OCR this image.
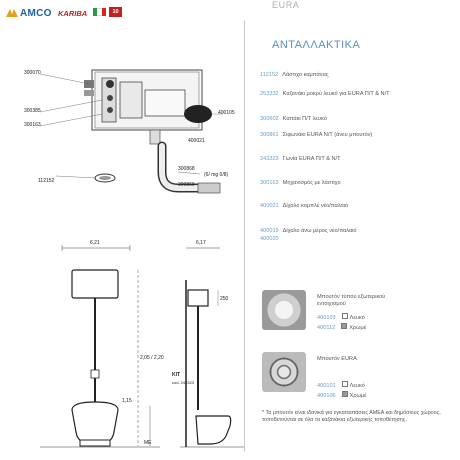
AMCO KARIBA	10
EURA
300070
300385
300163
400105
400021
112152
300868
(6/ mg 0/8)
300869
6,21	6,17
2,05 / 2,20
1,15
ME
250
KIT
cod. 243323
ΑΝΤΑΛΛΑΚΤΙΚΑ
112152 Λάστιχο καμπάνας
253332 Καζανάκι μοκρύ λευκό για EURA Π/Τ & Ν/Τ
300602 Καπάκι Π/Τ λευκό
300861 Σιφωνάκι EURA Ν/Τ (άνευ μπουτόν)
243323 Γωνία EURA Π/Τ & Ν/Τ
300163 Μηχανισμός με λάστιχο
400021 Δίχαλο κομπλέ νέο/παλαιό
400019 Δίχαλο άνω μέρος νέο/παλαιό
400020
Μπουτόν τύπου εξωτερικού εντοιχισμού
400103	Λευκό
400112	Χρωμέ
Μπουτόν EURA
400101	Λευκό
400106	Χρωμέ
* Τα μπουτόν είναι ιδανικά για εγκαταστάσεις ΑΜΕΑ και δημόσιους χώρους, τοποθετούνται σε όλα τα καζανάκια εξωτερικής τοποθέτησης.
